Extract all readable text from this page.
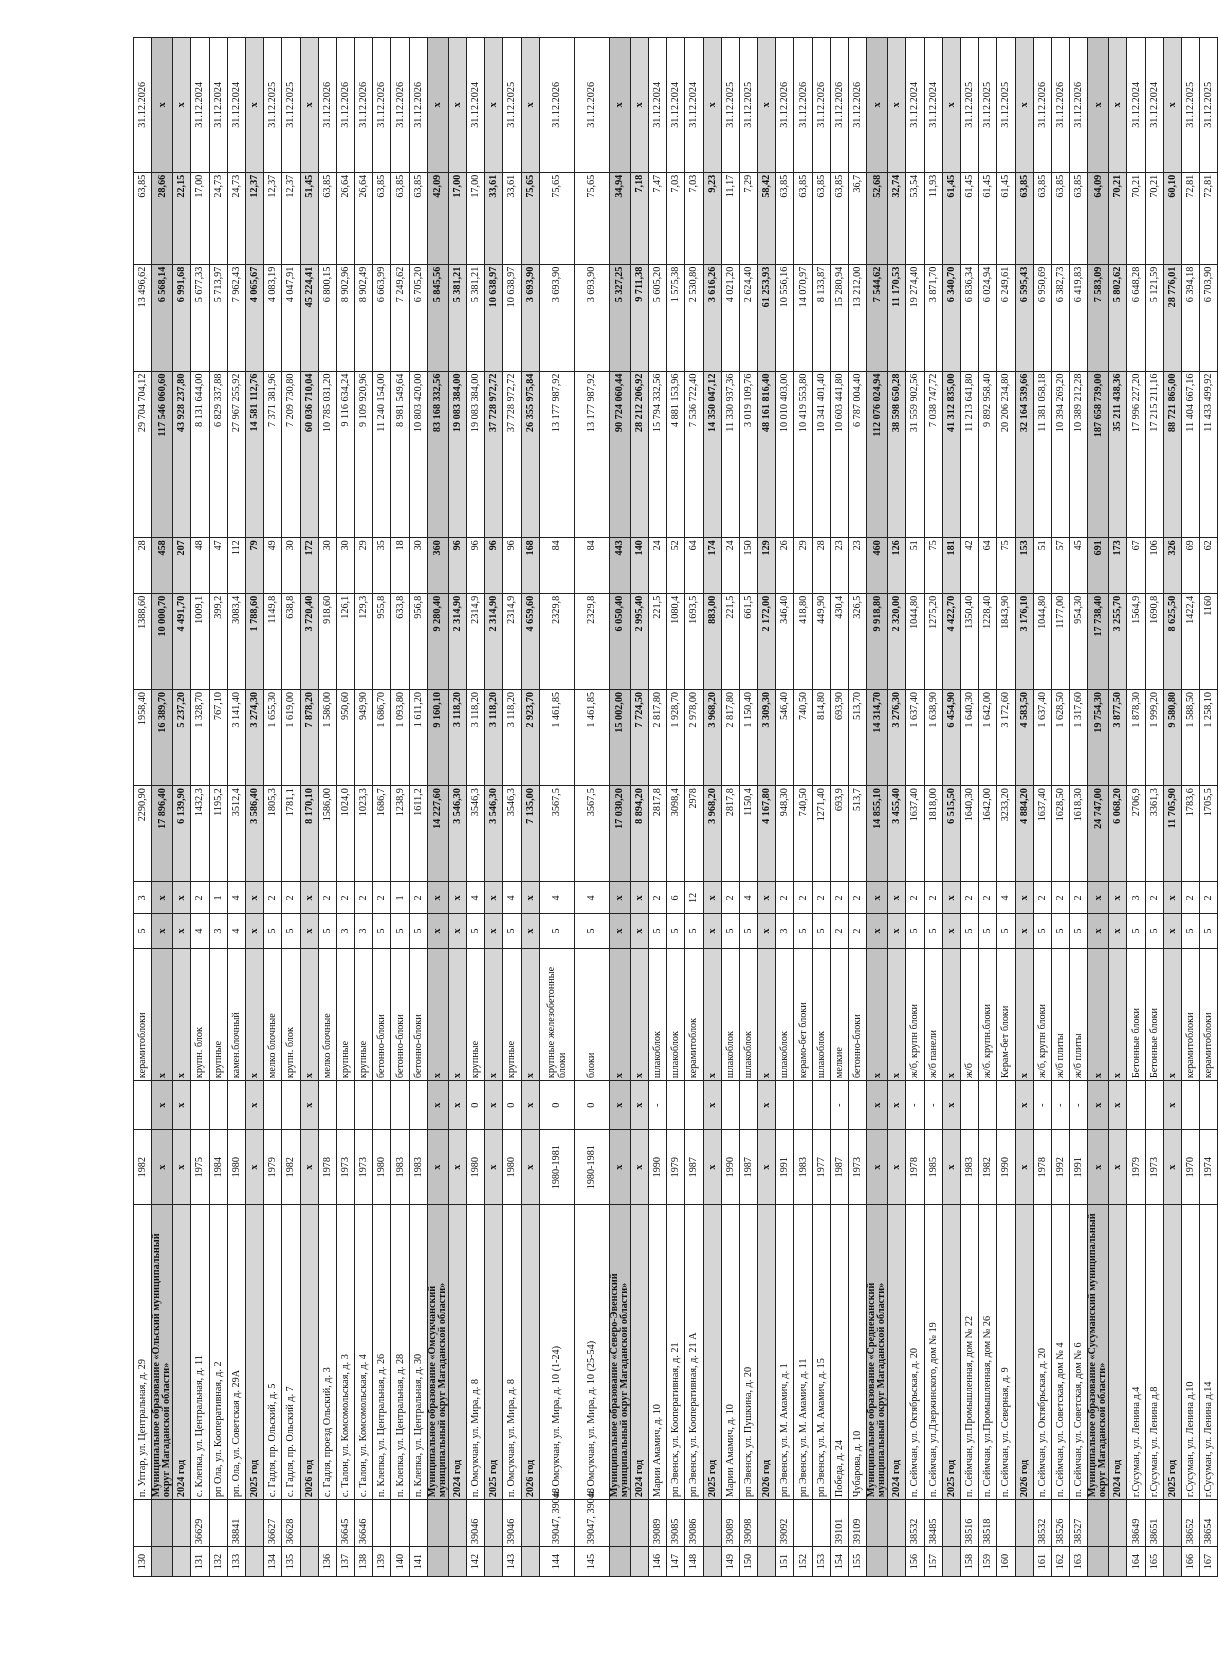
130		п. Уптар, ул. Центральная, д. 29	1982		керамитоблоки	5	3	2290,90	1958,40	1388,60	28	29 704 704,12	13 496,62	63,85	31.12.2026
		Муниципальное образование «Ольский муниципальный округ Магаданской области»	х	х	х	х	х	17 896,40	16 389,70	10 000,70	458	117 546 060,60	6 568,14	28,66	х
		2024 год	х	х	х	х	х	6 139,90	5 237,20	4 491,70	207	43 928 237,80	6 991,68	22,15	х
131	36629	с. Клепка, ул. Центральная, д. 11	1975		крупн. блок	4	2	1432,3	1 328,70	1009,1	48	8 131 644,00	5 677,33	17,00	31.12.2024
132		рп Ола, ул. Кооперативная, д. 2	1984		крупные	3	1	1195,2	767,10	399,2	47	6 829 337,88	5 713,97	24,73	31.12.2024
133	38841	рп. Ола, ул. Советская д. 29А	1980		камен.блочный	4	4	3512,4	3 141,40	3083,4	112	27 967 255,92	7 962,43	24,73	31.12.2024
		2025 год	х	х	х	х	х	3 586,40	3 274,30	1 788,60	79	14 581 112,76	4 065,67	12,37	х
134	36627	с. Гадля, пр. Ольский, д. 5	1979		мелко блочные	5	2	1805,3	1 655,30	1149,8	49	7 371 381,96	4 083,19	12,37	31.12.2025
135	36628	с. Гадля, пр. Ольский д. 7	1982		крупн. блок	5	2	1781,1	1 619,00	638,8	30	7 209 730,80	4 047,91	12,37	31.12.2025
		2026 год	х	х	х	х	х	8 170,10	7 878,20	3 720,40	172	60 036 710,04	45 224,41	51,45	х
136		с. Гадля, проезд Ольский, д. 3	1978		мелко блочные	5	2	1586,00	1 586,00	918,60	30	10 785 031,20	6 800,15	63,85	31.12.2026
137	36645	с. Талон, ул. Комсомольская, д. 3	1973		крупные	3	2	1024,0	950,60	126,1	30	9 116 634,24	8 902,96	26,64	31.12.2026
138	36646	с. Талон, ул. Комсомольская, д. 4	1973		крупные	3	2	1023,3	949,90	129,3	29	9 109 920,96	8 902,49	26,64	31.12.2026
139		п. Клепка, ул. Центральная, д. 26	1980		бетонно-блоки	5	2	1686,7	1 686,70	955,8	35	11 240 154,00	6 663,99	63,85	31.12.2026
140		п. Клепка, ул. Центральная, д. 28	1983		бетонно-блоки	5	1	1238,9	1 093,80	633,8	18	8 981 549,64	7 249,62	63,85	31.12.2026
141		п. Клепка, ул. Центральная, д. 30	1983		бетонно-блоки	5	2	1611,2	1 611,20	956,8	30	10 803 420,00	6 705,20	63,85	31.12.2026
		Муниципальное образование «Омсукчанский муниципальный округ Магаданской области»	х	х	х	х	х	14 227,60	9 160,10	9 280,40	360	83 168 332,56	5 845,56	42,09	х
		2024 год	х	х	х	х	х	3 546,30	3 118,20	2 314,90	96	19 083 384,00	5 381,21	17,00	х
142	39046	п. Омсукчан, ул. Мира, д. 8	1980	0	крупные	5	4	3546,3	3 118,20	2314,9	96	19 083 384,00	5 381,21	17,00	31.12.2024
		2025 год	х	х	х	х	х	3 546,30	3 118,20	2 314,90	96	37 728 972,72	10 638,97	33,61	х
143	39046	п. Омсукчан, ул. Мира, д. 8	1980	0	крупные	5	4	3546,3	3 118,20	2314,9	96	37 728 972,72	10 638,97	33,61	31.12.2025
		2026 год	х	х	х	х	х	7 135,00	2 923,70	4 659,60	168	26 355 975,84	3 693,90	75,65	х
144	39047, 39048	п. Омсукчан, ул. Мира, д. 10 (1-24)	1980-1981	0	крупные железобетонные блоки	5	4	3567,5	1 461,85	2329,8	84	13 177 987,92	3 693,90	75,65	31.12.2026
145	39047, 39048	п. Омсукчан, ул. Мира, д. 10 (25-54)	1980-1981	0	блоки	5	4	3567,5	1 461,85	2329,8	84	13 177 987,92	3 693,90	75,65	31.12.2026
		Муниципальное образование «Северо-Эвенский муниципальный округ Магаданской области»	х	х	х	х	х	17 030,20	15 002,00	6 050,40	443	90 724 060,44	5 327,25	34,94	х
		2024 год	х	х	х	х	х	8 894,20	7 724,50	2 995,40	140	28 212 206,92	9 711,38	7,18	х
146	39089	Марии Амамич, д. 10	1990	-	шлакоблок	5	2	2817,8	2 817,80	221,5	24	15 794 332,56	5 605,20	7,47	31.12.2024
147	39085	рп Эвенск, ул. Кооперативная, д. 21	1979		шлакоблок	5	6	3098,4	1 928,70	1080,4	52	4 881 153,96	1 575,38	7,03	31.12.2024
148	39086	рп Эвенск, ул. Кооперативная, д. 21 А	1987		керамитоблок	5	12	2978	2 978,00	1693,5	64	7 536 722,40	2 530,80	7,03	31.12.2024
		2025 год	х	х	х	х	х	3 968,20	3 968,20	883,00	174	14 350 047,12	3 616,26	9,23	х
149	39089	Марии Амамич, д. 10	1990		шлакоблок	5	2	2817,8	2 817,80	221,5	24	11 330 937,36	4 021,20	11,17	31.12.2025
150	39098	рп Эвенск, ул. Пушкина, д. 20	1987		шлакоблок	5	4	1150,4	1 150,40	661,5	150	3 019 109,76	2 624,40	7,29	31.12.2025
		2026 год	х	х	х	х	х	4 167,80	3 309,30	2 172,00	129	48 161 816,40	61 253,93	58,42	х
151	39092	рп Эвенск, ул. М. Амамич, д. 1	1991		шлакоблок	3	2	948,30	546,40	346,40	26	10 010 403,00	10 556,16	63,85	31.12.2026
152		рп Эвенск, ул. М. Амамич, д. 11	1983		керамо-бет блоки	5	2	740,50	740,50	418,80	29	10 419 553,80	14 070,97	63,85	31.12.2026
153		рп Эвенск, ул. М. Амамич, д. 15	1977		шлакоблок	5	2	1271,40	814,80	449,90	28	10 341 401,40	8 133,87	63,85	31.12.2026
154	39101	Победа, д. 24	1987	-	мелкие	2	2	693,9	693,90	430,4	23	10 603 441,80	15 280,94	63,85	31.12.2026
155	39109	Чубарова, д. 10	1973		бетонно-блоки	2	2	513,7	513,70	326,5	23	6 787 004,40	13 212,00	36,7	31.12.2026
		Муниципальное образование «Среднеканский муниципальный округ Магаданской области»	х	х	х	х	х	14 855,10	14 314,70	9 918,80	460	112 076 024,94	7 544,62	52,68	х
		2024 год	х	х	х	х	х	3 455,40	3 276,30	2 320,00	126	38 598 650,28	11 170,53	32,74	х
156	38532	п. Сеймчан, ул. Октябрьская, д. 20	1978	-	ж/б, крупн блоки	5	2	1637,40	1 637,40	1044,80	51	31 559 902,56	19 274,40	53,54	31.12.2024
157	38485	п. Сеймчан, ул.Дзержинского, дом № 19	1985	-	ж/б панели	5	2	1818,00	1 638,90	1275,20	75	7 038 747,72	3 871,70	11,93	31.12.2024
		2025 год	х	х	х	х	х	6 515,50	6 454,90	4 422,70	181	41 312 835,00	6 340,70	61,45	х
158	38516	п. Сеймчан, ул.Промышленная, дом № 22	1983		ж/б	5	2	1640,30	1 640,30	1350,40	42	11 213 641,80	6 836,34	61,45	31.12.2025
159	38518	п. Сеймчан, ул.Промышленная, дом № 26	1982		ж/б. крупн.блоки	5	2	1642,00	1 642,00	1228,40	64	9 892 958,40	6 024,94	61,45	31.12.2025
160		п. Сеймчан, ул. Северная, д. 9	1990		Керам-бет блоки	5	4	3233,20	3 172,60	1843,90	75	20 206 234,80	6 249,61	61,45	31.12.2025
		2026 год	х	х	х	х	х	4 884,20	4 583,50	3 176,10	153	32 164 539,66	6 595,43	63,85	х
161	38532	п. Сеймчан, ул. Октябрьская, д. 20	1978	-	ж/б, крупн блоки	5	2	1637,40	1 637,40	1044,80	51	11 381 058,18	6 950,69	63,85	31.12.2026
162	38526	п. Сеймчан, ул. Советская, дом № 4	1992	-	ж/б плиты	5	2	1628,50	1 628,50	1177,00	57	10 394 269,20	6 382,73	63,85	31.12.2026
163	38527	п. Сеймчан, ул. Советская, дом № 6	1991	-	ж/б плиты	5	2	1618,30	1 317,60	954,30	45	10 389 212,28	6 419,83	63,85	31.12.2026
		Муниципальное образование «Сусуманский муниципальный округ Магаданской области»	х	х	х	х	х	24 747,00	19 754,30	17 738,40	691	187 658 739,00	7 583,09	64,09	х
		2024 год	х	х	х	х	х	6 068,20	3 877,50	3 255,70	173	35 211 438,36	5 802,62	70,21	х
164	38649	г.Сусуман, ул. Ленина д.4	1979		Бетонные блоки	5	3	2706,9	1 878,30	1564,9	67	17 996 227,20	6 648,28	70,21	31.12.2024
165	38651	г.Сусуман, ул. Ленина д.8	1973		Бетонные блоки	5	2	3361,3	1 999,20	1690,8	106	17 215 211,16	5 121,59	70,21	31.12.2024
		2025 год	х	х	х	х	х	11 705,90	9 580,80	8 625,50	326	88 721 865,00	28 776,01	60,10	х
166	38652	г.Сусуман, ул. Ленина д.10	1970		керамитоблоки	5	2	1783,6	1 588,50	1422,4	69	11 404 667,16	6 394,18	72,81	31.12.2025
167	38654	г.Сусуман, ул. Ленина д.14	1974		керамитоблоки	5	2	1705,5	1 258,10	1160	62	11 433 499,92	6 703,90	72,81	31.12.2025
